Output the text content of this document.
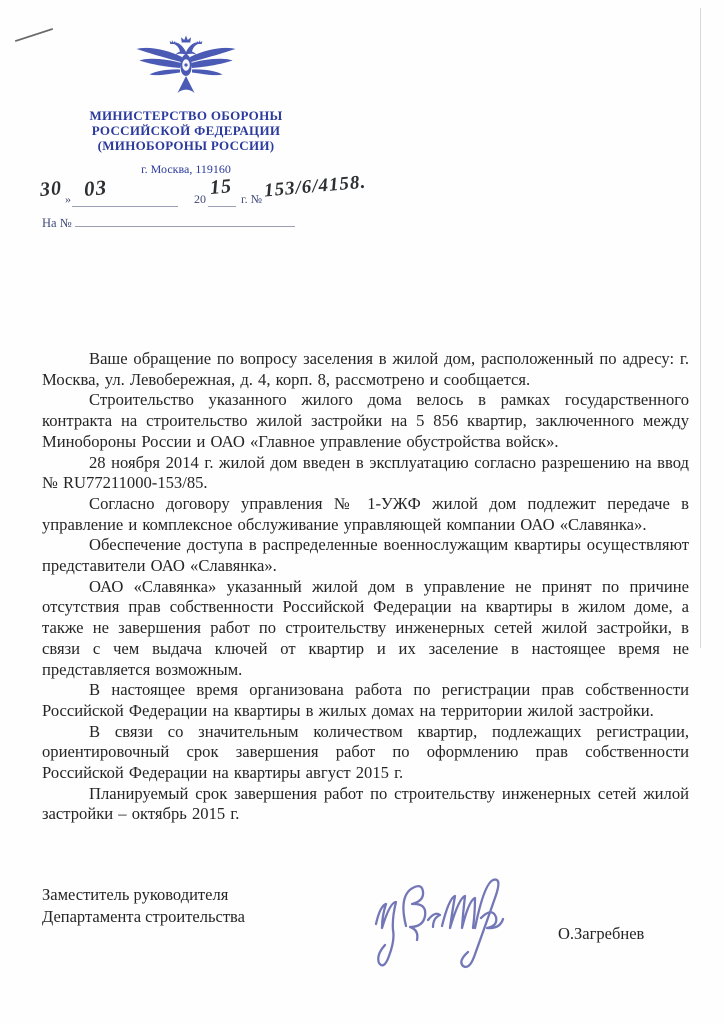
МИНИСТЕРСТВО ОБОРОНЫ
РОССИЙСКОЙ ФЕДЕРАЦИИ
(МИНОБОРОНЫ РОССИИ)
г. Москва, 119160
30 » 03	20
15
г. № 153/6/4158.
На №

Ваше обращение по вопросу заселения в жилой дом, расположенный по адресу: г. Москва, ул. Левобережная, д. 4, корп. 8, рассмотрено и сообщается.

Строительство указанного жилого дома велось в рамках государственного контракта на строительство жилой застройки на 5 856 квартир, заключенного между Минобороны России и ОАО «Главное управление обустройства войск».

28 ноября 2014 г. жилой дом введен в эксплуатацию согласно разрешению на ввод № RU77211000-153/85.

Согласно договору управления № 1-УЖФ жилой дом подлежит передаче в управление и комплексное обслуживание управляющей компании ОАО «Славянка».

Обеспечение доступа в распределенные военнослужащим квартиры осуществляют представители ОАО «Славянка».

ОАО «Славянка» указанный жилой дом в управление не принят по причине отсутствия прав собственности Российской Федерации на квартиры в жилом доме, а также не завершения работ по строительству инженерных сетей жилой застройки, в связи с чем выдача ключей от квартир и их заселение в настоящее время не представляется возможным.

В настоящее время организована работа по регистрации прав собственности Российской Федерации на квартиры в жилых домах на территории жилой застройки.

В связи со значительным количеством квартир, подлежащих регистрации, ориентировочный срок завершения работ по оформлению прав собственности Российской Федерации на квартиры август 2015 г.

Планируемый срок завершения работ по строительству инженерных сетей жилой застройки – октябрь 2015 г.

Заместитель руководителя
Департамента строительства
О.Загребнев
